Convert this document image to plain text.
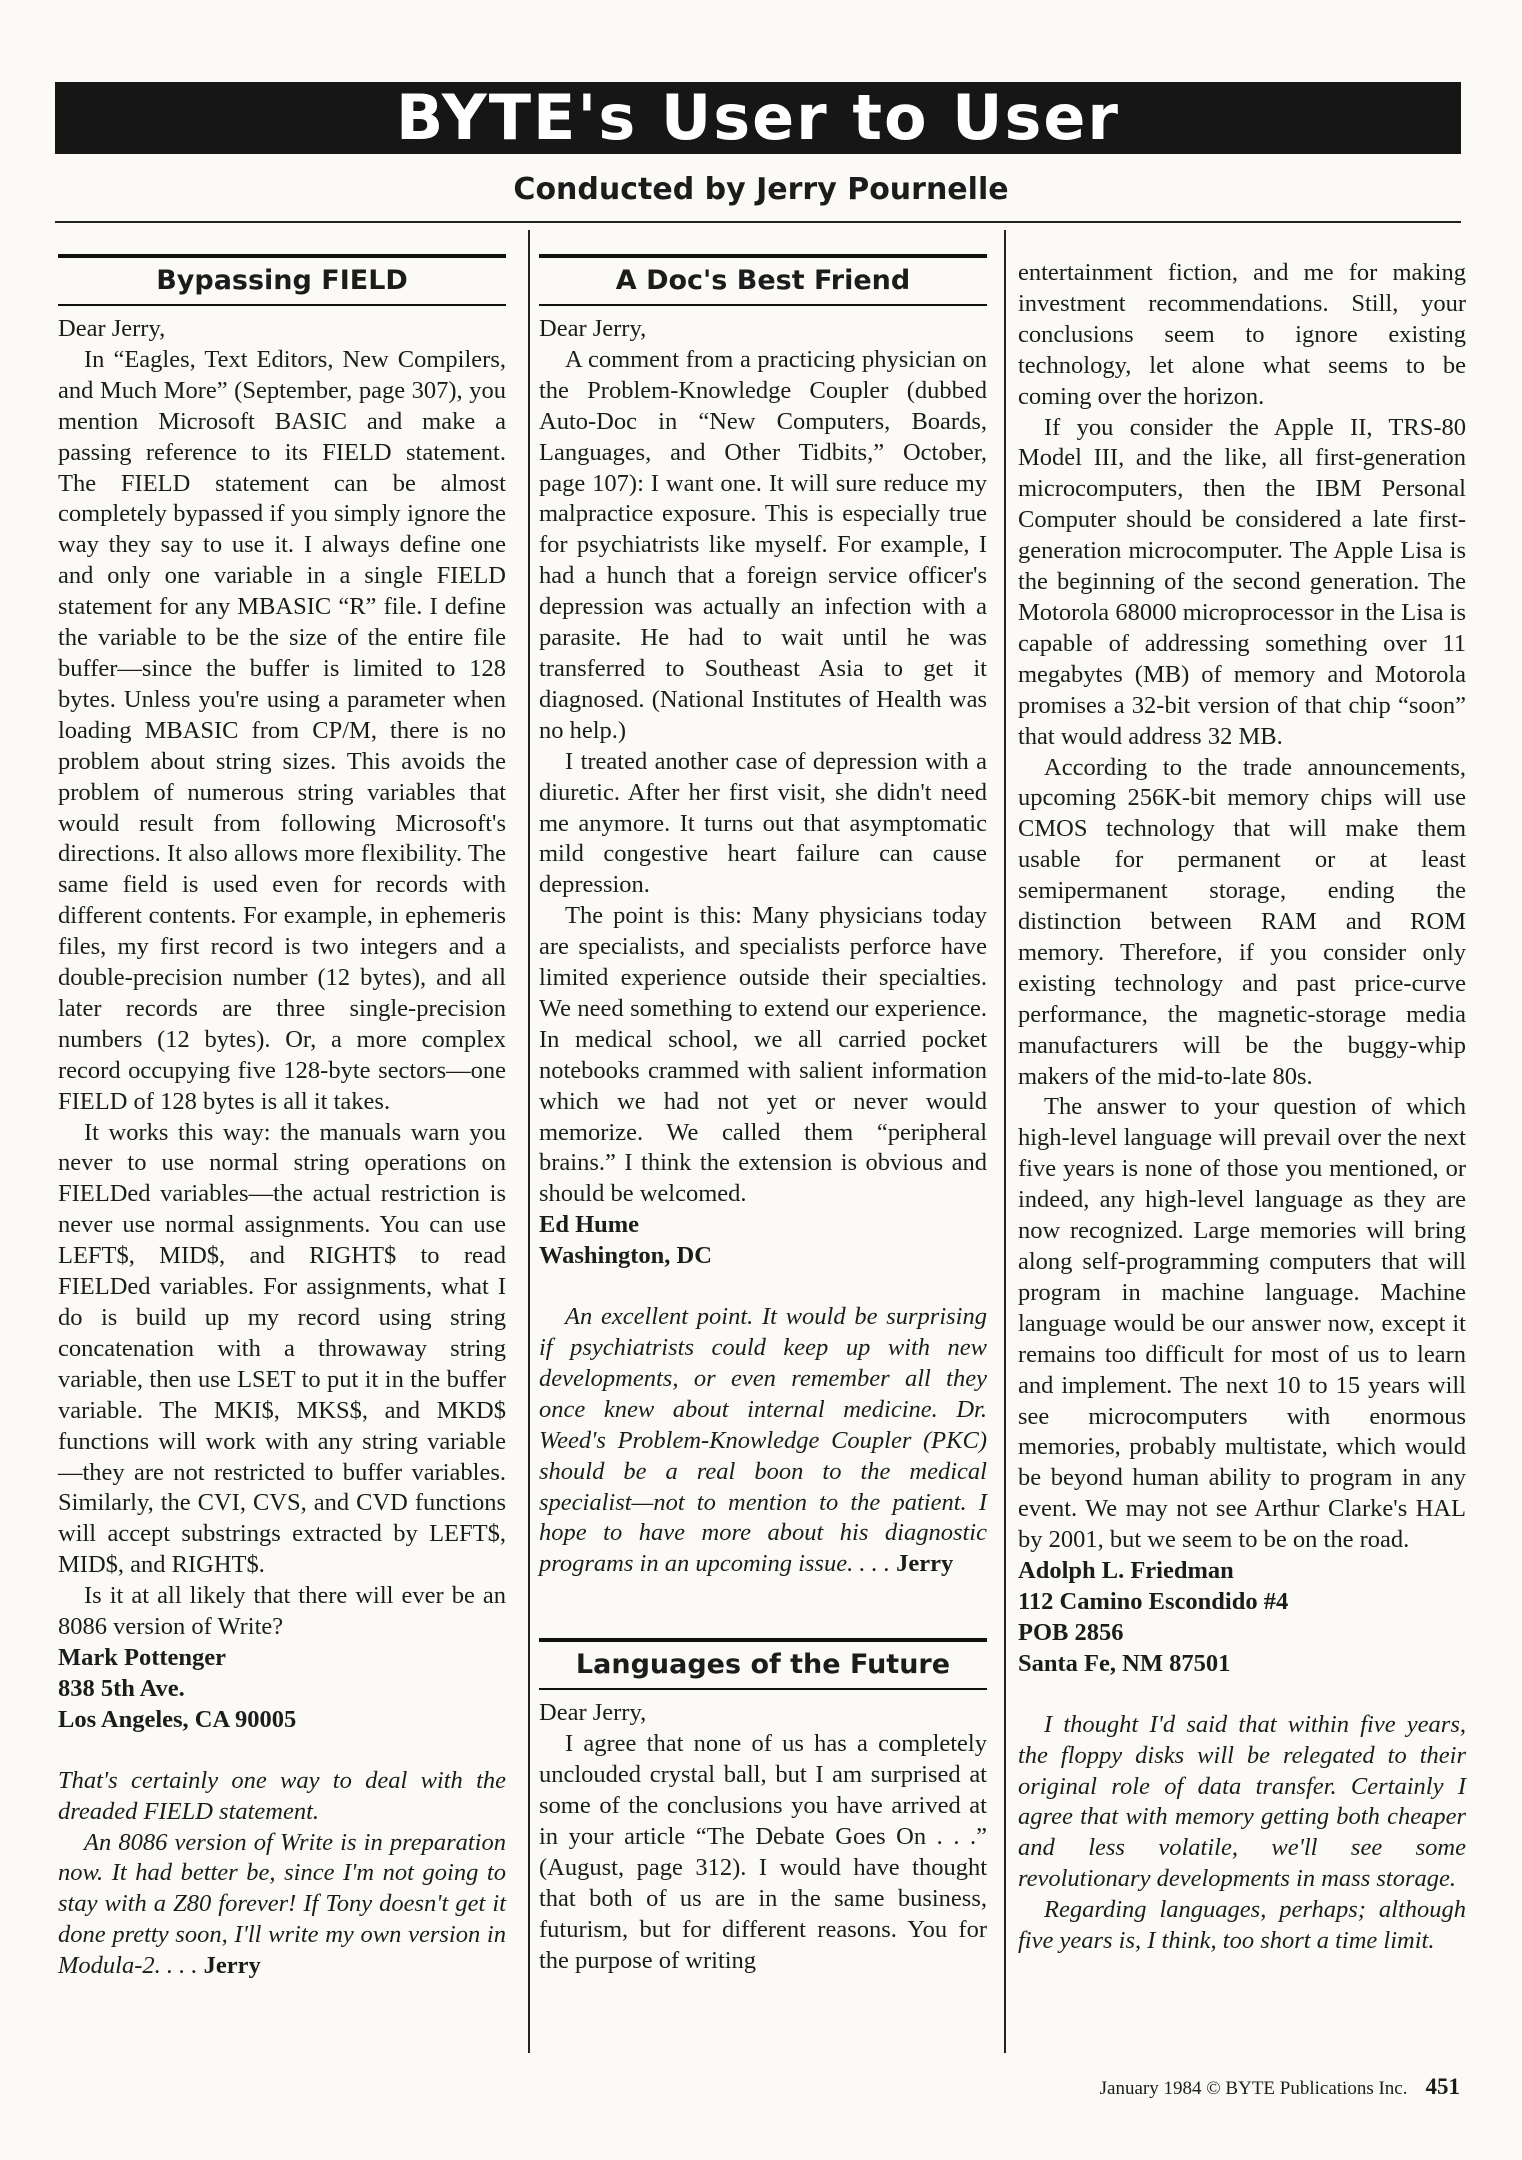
BYTE's User to User
Conducted by Jerry Pournelle
Bypassing FIELD

Dear Jerry,

In “Eagles, Text Editors, New Compilers, and Much More” (September, page 307), you mention Microsoft BASIC and make a passing reference to its FIELD statement. The FIELD statement can be almost completely bypassed if you simply ignore the way they say to use it. I always define one and only one variable in a single FIELD statement for any MBASIC “R” file. I define the variable to be the size of the entire file buffer—since the buffer is limited to 128 bytes. Unless you're using a parameter when loading MBASIC from CP/M, there is no problem about string sizes. This avoids the problem of numerous string variables that would result from following Microsoft's directions. It also allows more flexibility. The same field is used even for records with different contents. For example, in ephemeris files, my first record is two integers and a double-precision number (12 bytes), and all later records are three single-precision numbers (12 bytes). Or, a more complex record occupying five 128-byte sectors—one FIELD of 128 bytes is all it takes.

It works this way: the manuals warn you never to use normal string operations on FIELDed variables—the actual restriction is never use normal assignments. You can use LEFT$, MID$, and RIGHT$ to read FIELDed variables. For assignments, what I do is build up my record using string concatenation with a throwaway string variable, then use LSET to put it in the buffer variable. The MKI$, MKS$, and MKD$ functions will work with any string variable—they are not restricted to buffer variables. Similarly, the CVI, CVS, and CVD functions will accept substrings extracted by LEFT$, MID$, and RIGHT$.

Is it at all likely that there will ever be an 8086 version of Write?

Mark Pottenger

838 5th Ave.

Los Angeles, CA 90005

That's certainly one way to deal with the dreaded FIELD statement.

An 8086 version of Write is in preparation now. It had better be, since I'm not going to stay with a Z80 forever! If Tony doesn't get it done pretty soon, I'll write my own version in Modula-2. . . . Jerry

A Doc's Best Friend

Dear Jerry,

A comment from a practicing physician on the Problem-Knowledge Coupler (dubbed Auto-Doc in “New Computers, Boards, Languages, and Other Tidbits,” October, page 107): I want one. It will sure reduce my malpractice exposure. This is especially true for psychiatrists like myself. For example, I had a hunch that a foreign service officer's depression was actually an infection with a parasite. He had to wait until he was transferred to Southeast Asia to get it diagnosed. (National Institutes of Health was no help.)

I treated another case of depression with a diuretic. After her first visit, she didn't need me anymore. It turns out that asymptomatic mild congestive heart failure can cause depression.

The point is this: Many physicians today are specialists, and specialists perforce have limited experience outside their specialties. We need something to extend our experience. In medical school, we all carried pocket notebooks crammed with salient information which we had not yet or never would memorize. We called them “peripheral brains.” I think the extension is obvious and should be welcomed.

Ed Hume

Washington, DC

An excellent point. It would be surprising if psychiatrists could keep up with new developments, or even remember all they once knew about internal medicine. Dr. Weed's Problem-Knowledge Coupler (PKC) should be a real boon to the medical specialist—not to mention to the patient. I hope to have more about his diagnostic programs in an upcoming issue. . . . Jerry

Languages of the Future

Dear Jerry,

I agree that none of us has a completely unclouded crystal ball, but I am surprised at some of the conclusions you have arrived at in your article “The Debate Goes On . . .” (August, page 312). I would have thought that both of us are in the same business, futurism, but for different reasons. You for the purpose of writing

entertainment fiction, and me for making investment recommendations. Still, your conclusions seem to ignore existing technology, let alone what seems to be coming over the horizon.

If you consider the Apple II, TRS-80 Model III, and the like, all first-generation microcomputers, then the IBM Personal Computer should be considered a late first-generation microcomputer. The Apple Lisa is the beginning of the second generation. The Motorola 68000 microprocessor in the Lisa is capable of addressing something over 11 megabytes (MB) of memory and Motorola promises a 32-bit version of that chip “soon” that would address 32 MB.

According to the trade announcements, upcoming 256K-bit memory chips will use CMOS technology that will make them usable for permanent or at least semipermanent storage, ending the distinction between RAM and ROM memory. Therefore, if you consider only existing technology and past price-curve performance, the magnetic-storage media manufacturers will be the buggy-whip makers of the mid-to-late 80s.

The answer to your question of which high-level language will prevail over the next five years is none of those you mentioned, or indeed, any high-level language as they are now recognized. Large memories will bring along self-programming computers that will program in machine language. Machine language would be our answer now, except it remains too difficult for most of us to learn and implement. The next 10 to 15 years will see microcomputers with enormous memories, probably multistate, which would be beyond human ability to program in any event. We may not see Arthur Clarke's HAL by 2001, but we seem to be on the road.

Adolph L. Friedman

112 Camino Escondido #4

POB 2856

Santa Fe, NM 87501

I thought I'd said that within five years, the floppy disks will be relegated to their original role of data transfer. Certainly I agree that with memory getting both cheaper and less volatile, we'll see some revolutionary developments in mass storage.

Regarding languages, perhaps; although five years is, I think, too short a time limit.

January 1984 © BYTE Publications Inc. 451
